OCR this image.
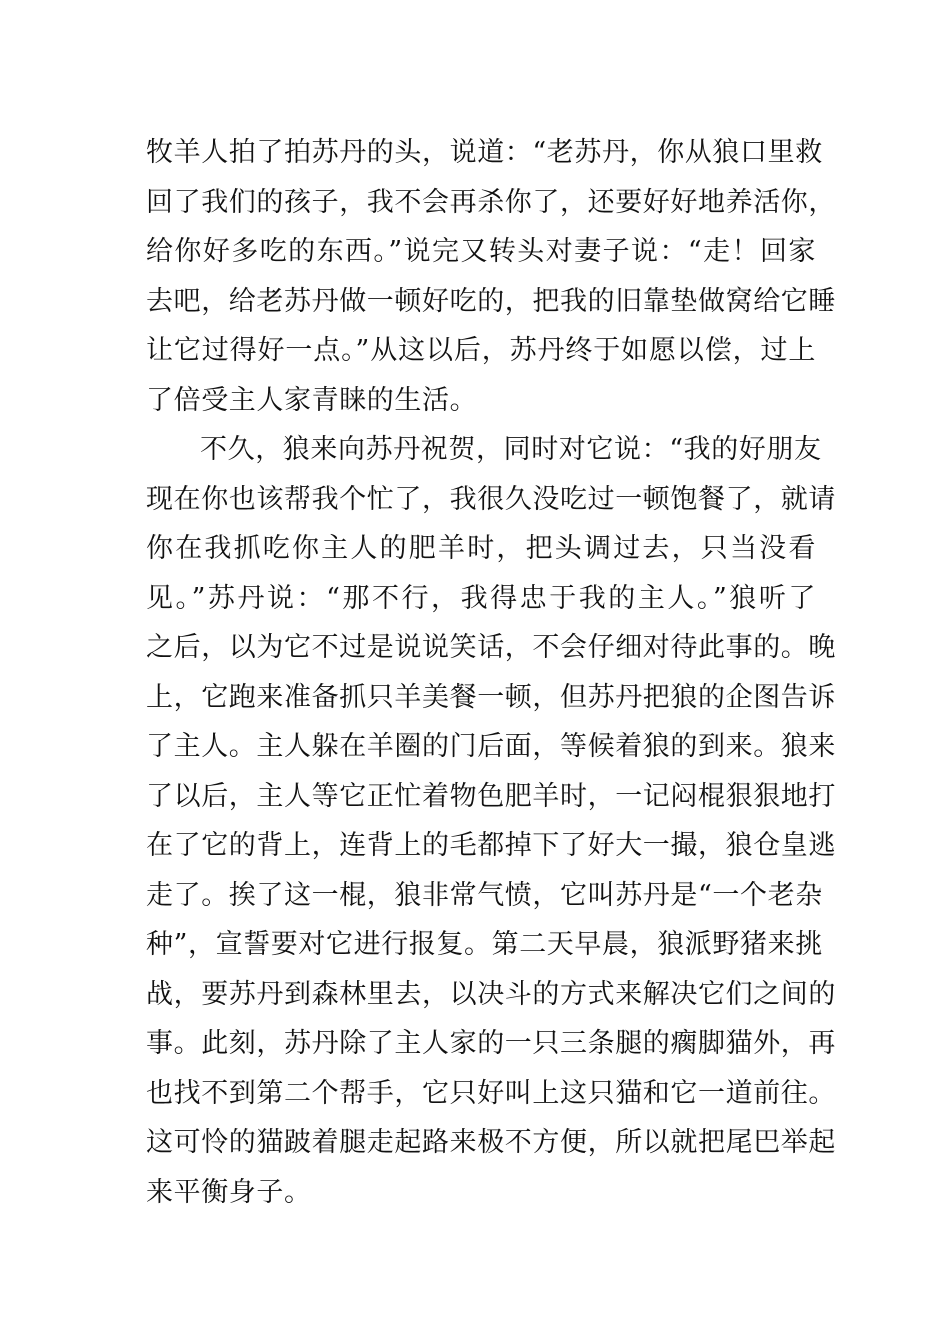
牧羊人拍了拍苏丹的头，说道：“老苏丹，你从狼口里救
回了我们的孩子，我不会再杀你了，还要好好地养活你，
给你好多吃的东西。”说完又转头对妻子说：“走！回家
去吧，给老苏丹做一顿好吃的，把我的旧靠垫做窝给它睡
让它过得好一点。”从这以后，苏丹终于如愿以偿，过上
了倍受主人家青睐的生活。
不久，狼来向苏丹祝贺，同时对它说：“我的好朋友
现在你也该帮我个忙了，我很久没吃过一顿饱餐了，就请
你在我抓吃你主人的肥羊时，把头调过去，只当没看
见。”苏丹说：“那不行，我得忠于我的主人。”狼听了
之后，以为它不过是说说笑话，不会仔细对待此事的。晚
上，它跑来准备抓只羊美餐一顿，但苏丹把狼的企图告诉
了主人。主人躲在羊圈的门后面，等候着狼的到来。狼来
了以后，主人等它正忙着物色肥羊时，一记闷棍狠狠地打
在了它的背上，连背上的毛都掉下了好大一撮，狼仓皇逃
走了。挨了这一棍，狼非常气愤，它叫苏丹是“一个老杂
种”，宣誓要对它进行报复。第二天早晨，狼派野猪来挑
战，要苏丹到森林里去，以决斗的方式来解决它们之间的
事。此刻，苏丹除了主人家的一只三条腿的瘸脚猫外，再
也找不到第二个帮手，它只好叫上这只猫和它一道前往。
这可怜的猫跛着腿走起路来极不方便，所以就把尾巴举起
来平衡身子。
